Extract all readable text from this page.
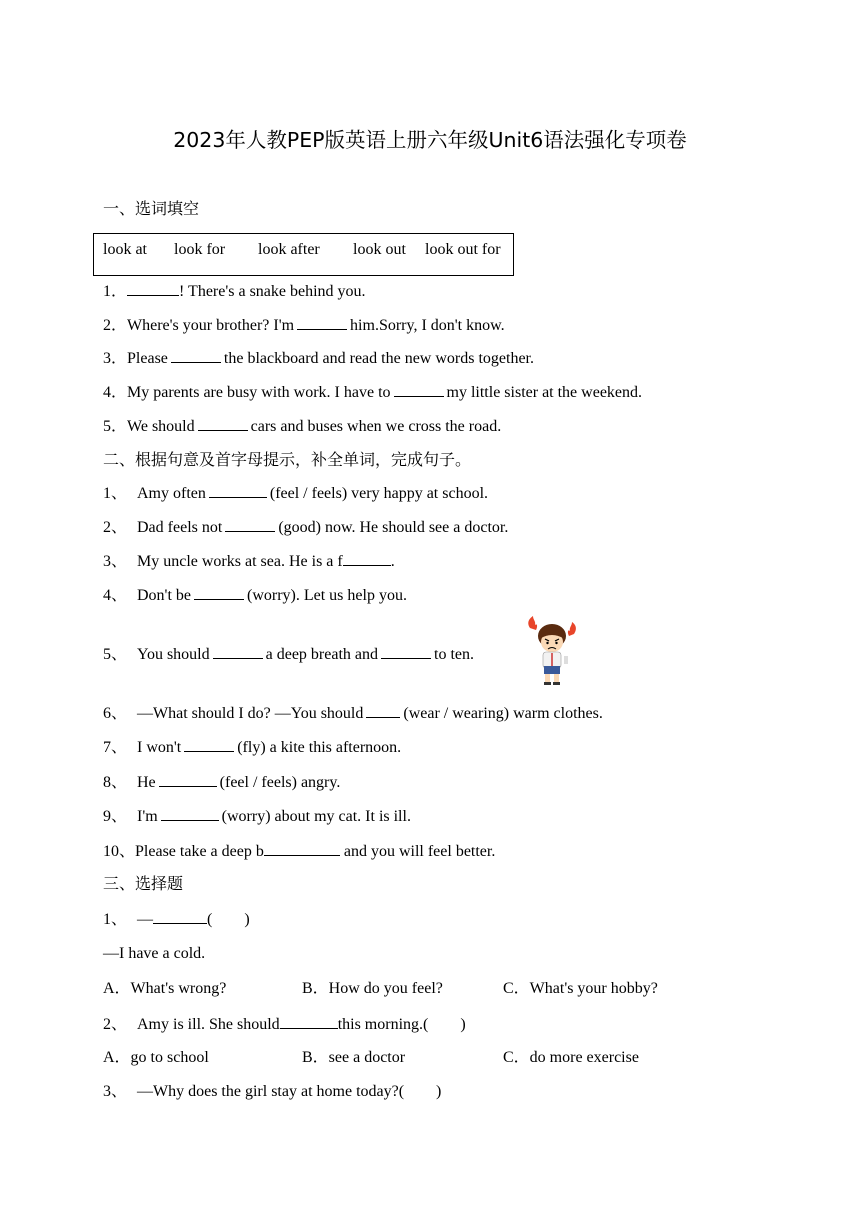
2023年人教PEP版英语上册六年级Unit6语法强化专项卷
一、选词填空
look at look for look after look out look out for
1．	! There's a snake behind you.
2．Where's your brother? I'm	him.Sorry, I don't know.
3．Please	the blackboard and read the new words together.
4．My parents are busy with work. I have to	my little sister at the weekend.
5．We should	cars and buses when we cross the road.
二、根据句意及首字母提示，补全单词，完成句子。
1、 Amy often	(feel / feels) very happy at school.
2、 Dad feels not	(good) now. He should see a doctor.
3、 My uncle works at sea. He is a f	.
4、 Don't be	(worry). Let us help you.
5、 You should	a deep breath and	to ten.
6、 —What should I do? —You should	(wear / wearing) warm clothes.
7、 I won't	(fly) a kite this afternoon.
8、 He	(feel / feels) angry.
9、 I'm	(worry) about my cat. It is ill.
10、Please take a deep b	and you will feel better.
三、选择题
1、 —	(　　)
—I have a cold.
A．What's wrong?	B．How do you feel?	C．What's your hobby?
2、 Amy is ill. She should	this morning.(　　)
A．go to school	B．see a doctor	C．do more exercise
3、 —Why does the girl stay at home today?(　　)
